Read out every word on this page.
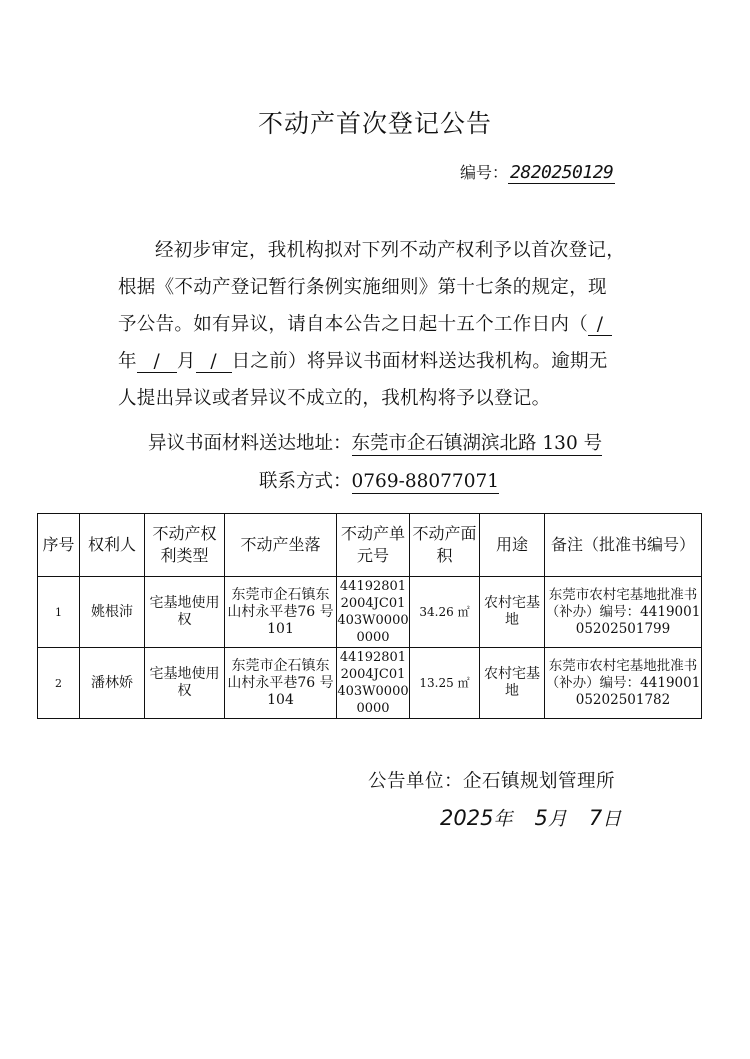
不动产首次登记公告
编号： 2820250129

经初步审定，我机构拟对下列不动产权利予以首次登记，

根据《不动产登记暂行条例实施细则》第十七条的规定，现

予公告。如有异议，请自本公告之日起十五个工作日内（ /

年 / 月 / 日之前）将异议书面材料送达我机构。逾期无

人提出异议或者异议不成立的，我机构将予以登记。

异议书面材料送达地址：东莞市企石镇湖滨北路 130 号
联系方式：0769-88077071
序号	权利人	不动产权利类型	不动产坐落	不动产单元号	不动产面积	用途	备注（批准书编号）
1	姚根沛	宅基地使用权	东莞市企石镇东山村永平巷76 号 101	441928012004JC01403W00000000	34.26 ㎡	农村宅基地	东莞市农村宅基地批准书（补办）编号：441900105202501799
2	潘林娇	宅基地使用权	东莞市企石镇东山村永平巷76 号 104	441928012004JC01403W00000000	13.25 ㎡	农村宅基地	东莞市农村宅基地批准书（补办）编号：441900105202501782
公告单位：企石镇规划管理所
2025年 5月 7日
